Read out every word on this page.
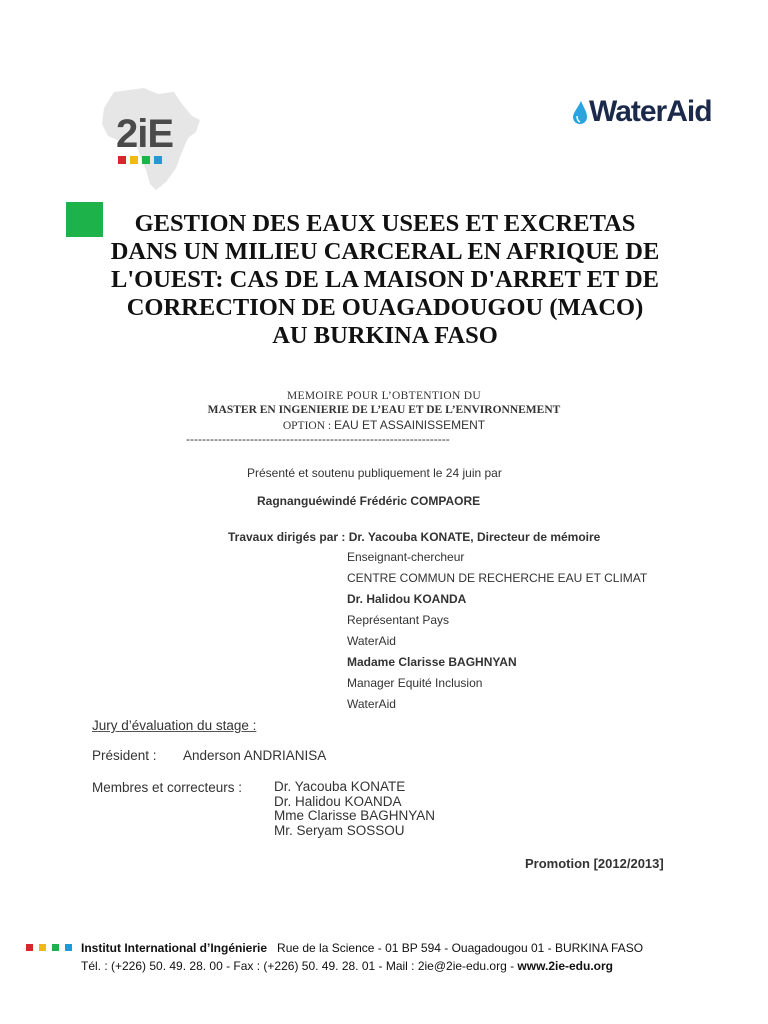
2iE
WaterAid
GESTION DES EAUX USEES ET EXCRETAS
DANS UN MILIEU CARCERAL EN AFRIQUE DE
L'OUEST: CAS DE LA MAISON D'ARRET ET DE
CORRECTION DE OUAGADOUGOU (MACO)
AU BURKINA FASO
MEMOIRE POUR L’OBTENTION DU
MASTER EN INGENIERIE DE L’EAU ET DE L’ENVIRONNEMENT
OPTION : EAU ET ASSAINISSEMENT
------------------------------------------------------------------
Présenté et soutenu publiquement le 24 juin par
Ragnanguéwindé Frédéric COMPAORE
Travaux dirigés par : Dr. Yacouba KONATE, Directeur de mémoire
Enseignant-chercheur
CENTRE COMMUN DE RECHERCHE EAU ET CLIMAT
Dr. Halidou KOANDA
Représentant Pays
WaterAid
Madame Clarisse BAGHNYAN
Manager Equité Inclusion
WaterAid
Jury d’évaluation du stage :
Président : Anderson ANDRIANISA
Membres et correcteurs : Dr. Yacouba KONATE
Dr. Halidou KOANDA
Mme Clarisse BAGHNYAN
Mr. Seryam SOSSOU
Promotion [2012/2013]
Institut International d’Ingénierie Rue de la Science - 01 BP 594 - Ouagadougou 01 - BURKINA FASO
Tél. : (+226) 50. 49. 28. 00 - Fax : (+226) 50. 49. 28. 01 - Mail : 2ie@2ie-edu.org - www.2ie-edu.org
